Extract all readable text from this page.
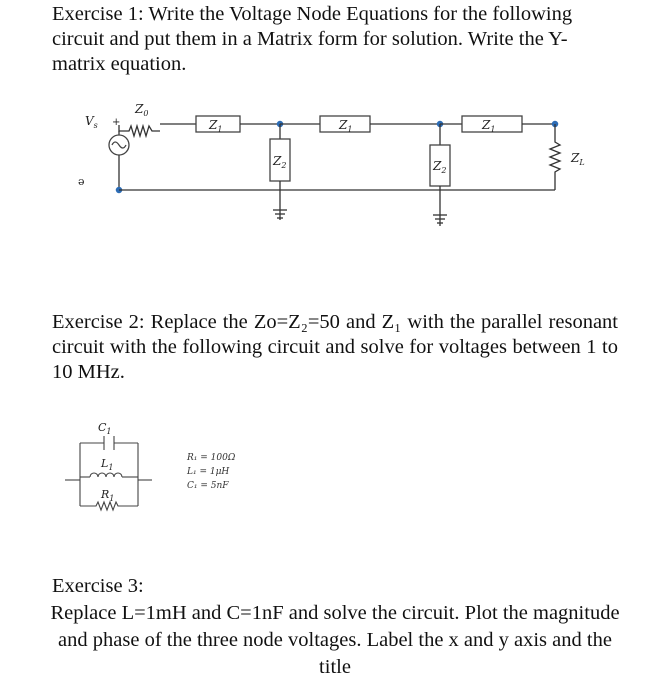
Exercise 1: Write the Voltage Node Equations for the following circuit and put them in a Matrix form for solution. Write the Y-matrix equation.
$V_s$ +
$Z_0$
$Z_1$	$Z_1$	$Z_1$
$Z_2$	$Z_2$
$Z_L$
ə
$C_1$
$L_1$
$R_1$
R₁ = 100Ω
L₁ = 1μH
C₁ = 5nF
Exercise 2: Replace the Zo=Z₂=50 and Z₁ with the parallel resonant circuit with the following circuit and solve for voltages between 1 to 10 MHz.
Exercise 3:
Replace L=1mH and C=1nF and solve the circuit. Plot the magnitude and phase of the three node voltages. Label the x and y axis and the title
